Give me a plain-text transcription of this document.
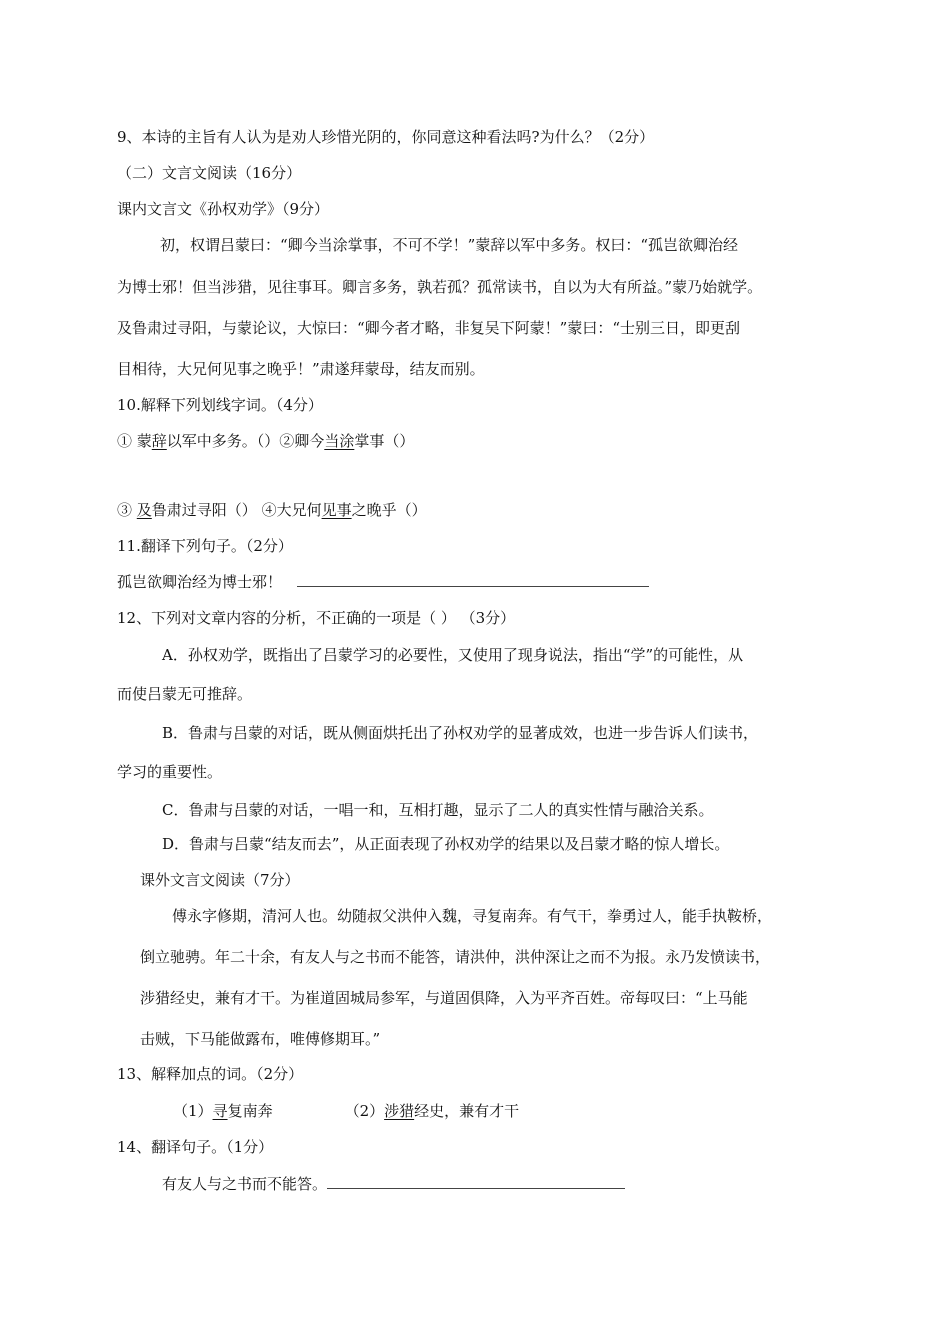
9、本诗的主旨有人认为是劝人珍惜光阴的，你同意这种看法吗?为什么？（2分）
（二）文言文阅读（16分）
课内文言文《孙权劝学》（9分）
初，权谓吕蒙曰：“卿今当涂掌事，不可不学！”蒙辞以军中多务。权曰：“孤岂欲卿治经
为博士邪！但当涉猎，见往事耳。卿言多务，孰若孤？孤常读书，自以为大有所益。”蒙乃始就学。
及鲁肃过寻阳，与蒙论议，大惊曰：“卿今者才略，非复吴下阿蒙！”蒙曰：“士别三日，即更刮
目相待，大兄何见事之晚乎！”肃遂拜蒙母，结友而别。
10.解释下列划线字词。（4分）
① 蒙辞以军中多务。（）②卿今当涂掌事（）
③ 及鲁肃过寻阳（） ④大兄何见事之晚乎（）
11.翻译下列句子。（2分）
孤岂欲卿治经为博士邪！
12、下列对文章内容的分析，不正确的一项是（ ） （3分）
A．孙权劝学，既指出了吕蒙学习的必要性，又使用了现身说法，指出“学”的可能性，从
而使吕蒙无可推辞。
B．鲁肃与吕蒙的对话，既从侧面烘托出了孙权劝学的显著成效，也进一步告诉人们读书，
学习的重要性。
C．鲁肃与吕蒙的对话，一唱一和，互相打趣，显示了二人的真实性情与融洽关系。
D．鲁肃与吕蒙“结友而去”，从正面表现了孙权劝学的结果以及吕蒙才略的惊人增长。
课外文言文阅读（7分）
傅永字修期，清河人也。幼随叔父洪仲入魏，寻复南奔。有气干，拳勇过人，能手执鞍桥，
倒立驰骋。年二十余，有友人与之书而不能答，请洪仲，洪仲深让之而不为报。永乃发愤读书，
涉猎经史，兼有才干。为崔道固城局参军，与道固俱降，入为平齐百姓。帝每叹曰：“上马能
击贼，下马能做露布，唯傅修期耳。”
13、解释加点的词。（2分）
（1）寻复南奔	（2）涉猎经史，兼有才干
14、翻译句子。（1分）
有友人与之书而不能答。
